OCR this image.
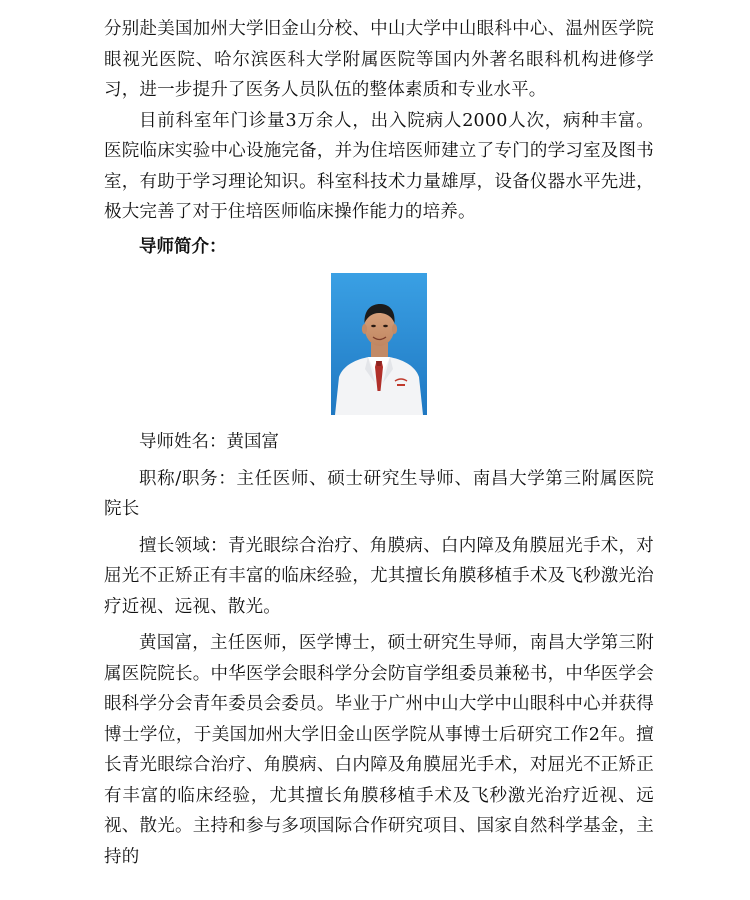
分别赴美国加州大学旧金山分校、中山大学中山眼科中心、温州医学院眼视光医院、哈尔滨医科大学附属医院等国内外著名眼科机构进修学习，进一步提升了医务人员队伍的整体素质和专业水平。

目前科室年门诊量3万余人，出入院病人2000人次，病种丰富。医院临床实验中心设施完备，并为住培医师建立了专门的学习室及图书室，有助于学习理论知识。科室科技术力量雄厚，设备仪器水平先进，极大完善了对于住培医师临床操作能力的培养。

导师简介：

导师姓名：黄国富

职称/职务：主任医师、硕士研究生导师、南昌大学第三附属医院院长

擅长领域：青光眼综合治疗、角膜病、白内障及角膜屈光手术，对屈光不正矫正有丰富的临床经验，尤其擅长角膜移植手术及飞秒激光治疗近视、远视、散光。

黄国富，主任医师，医学博士，硕士研究生导师，南昌大学第三附属医院院长。中华医学会眼科学分会防盲学组委员兼秘书，中华医学会眼科学分会青年委员会委员。毕业于广州中山大学中山眼科中心并获得博士学位，于美国加州大学旧金山医学院从事博士后研究工作2年。擅长青光眼综合治疗、角膜病、白内障及角膜屈光手术，对屈光不正矫正有丰富的临床经验，尤其擅长角膜移植手术及飞秒激光治疗近视、远视、散光。主持和参与多项国际合作研究项目、国家自然科学基金，主持的
